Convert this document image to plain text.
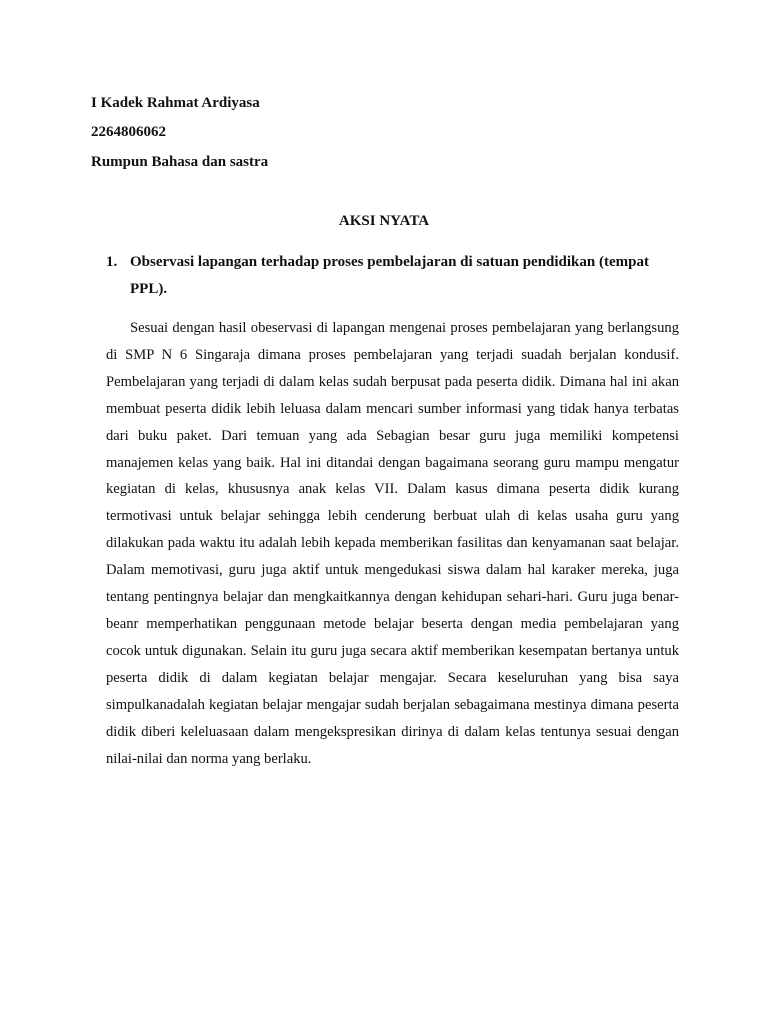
I Kadek Rahmat Ardiyasa
2264806062
Rumpun Bahasa dan sastra
AKSI NYATA
1. Observasi lapangan terhadap proses pembelajaran di satuan pendidikan (tempat PPL).

Sesuai dengan hasil obeservasi di lapangan mengenai proses pembelajaran yang berlangsung di SMP N 6 Singaraja dimana proses pembelajaran yang terjadi suadah berjalan kondusif. Pembelajaran yang terjadi di dalam kelas sudah berpusat pada peserta didik. Dimana hal ini akan membuat peserta didik lebih leluasa dalam mencari sumber informasi yang tidak hanya terbatas dari buku paket. Dari temuan yang ada Sebagian besar guru juga memiliki kompetensi manajemen kelas yang baik. Hal ini ditandai dengan bagaimana seorang guru mampu mengatur kegiatan di kelas, khususnya anak kelas VII. Dalam kasus dimana peserta didik kurang termotivasi untuk belajar sehingga lebih cenderung berbuat ulah di kelas usaha guru yang dilakukan pada waktu itu adalah lebih kepada memberikan fasilitas dan kenyamanan saat belajar. Dalam memotivasi, guru juga aktif untuk mengedukasi siswa dalam hal karaker mereka, juga tentang pentingnya belajar dan mengkaitkannya dengan kehidupan sehari-hari. Guru juga benar-beanr memperhatikan penggunaan metode belajar beserta dengan media pembelajaran yang cocok untuk digunakan. Selain itu guru juga secara aktif memberikan kesempatan bertanya untuk peserta didik di dalam kegiatan belajar mengajar. Secara keseluruhan yang bisa saya simpulkanadalah kegiatan belajar mengajar sudah berjalan sebagaimana mestinya dimana peserta didik diberi keleluasaan dalam mengekspresikan dirinya di dalam kelas tentunya sesuai dengan nilai-nilai dan norma yang berlaku.
